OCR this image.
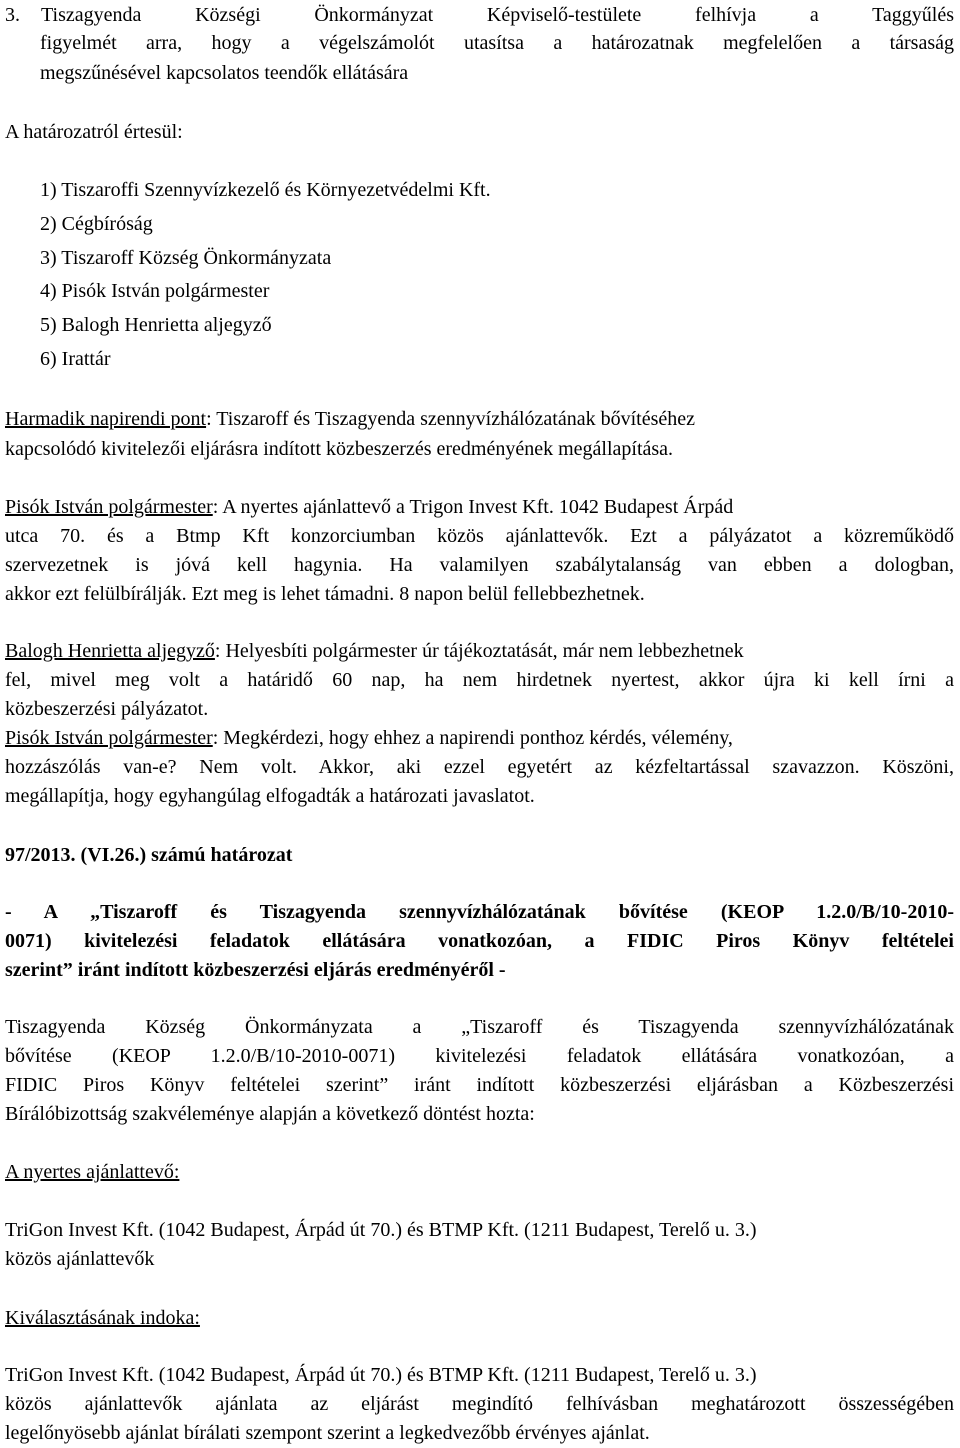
3. Tiszagyenda Községi Önkormányzat Képviselő-testülete felhívja a Taggyűlés
figyelmét arra, hogy a végelszámolót utasítsa a határozatnak megfelelően a társaság
megszűnésével kapcsolatos teendők ellátására
A határozatról értesül:
1) Tiszaroffi Szennyvízkezelő és Környezetvédelmi Kft.
2) Cégbíróság
3) Tiszaroff Község Önkormányzata
4) Pisók István polgármester
5) Balogh Henrietta aljegyző
6) Irattár
Harmadik napirendi pont: Tiszaroff és Tiszagyenda szennyvízhálózatának bővítéséhez
kapcsolódó kivitelezői eljárásra indított közbeszerzés eredményének megállapítása.
Pisók István polgármester: A nyertes ajánlattevő a Trigon Invest Kft. 1042 Budapest Árpád
utca 70. és a Btmp Kft konzorciumban közös ajánlattevők. Ezt a pályázatot a közreműködő
szervezetnek is jóvá kell hagynia. Ha valamilyen szabálytalanság van ebben a dologban,
akkor ezt felülbírálják. Ezt meg is lehet támadni. 8 napon belül fellebbezhetnek.
Balogh Henrietta aljegyző: Helyesbíti polgármester úr tájékoztatását, már nem lebbezhetnek
fel, mivel meg volt a határidő 60 nap, ha nem hirdetnek nyertest, akkor újra ki kell írni a
közbeszerzési pályázatot.
Pisók István polgármester: Megkérdezi, hogy ehhez a napirendi ponthoz kérdés, vélemény,
hozzászólás van-e? Nem volt. Akkor, aki ezzel egyetért az kézfeltartással szavazzon. Köszöni,
megállapítja, hogy egyhangúlag elfogadták a határozati javaslatot.
97/2013. (VI.26.) számú határozat
- A „Tiszaroff és Tiszagyenda szennyvízhálózatának bővítése (KEOP 1.2.0/B/10-2010-
0071) kivitelezési feladatok ellátására vonatkozóan, a FIDIC Piros Könyv feltételei
szerint” iránt indított közbeszerzési eljárás eredményéről -
Tiszagyenda Község Önkormányzata a „Tiszaroff és Tiszagyenda szennyvízhálózatának
bővítése (KEOP 1.2.0/B/10-2010-0071) kivitelezési feladatok ellátására vonatkozóan, a
FIDIC Piros Könyv feltételei szerint” iránt indított közbeszerzési eljárásban a Közbeszerzési
Bírálóbizottság szakvéleménye alapján a következő döntést hozta:
A nyertes ajánlattevő:
TriGon Invest Kft. (1042 Budapest, Árpád út 70.) és BTMP Kft. (1211 Budapest, Terelő u. 3.)
közös ajánlattevők
Kiválasztásának indoka:
TriGon Invest Kft. (1042 Budapest, Árpád út 70.) és BTMP Kft. (1211 Budapest, Terelő u. 3.)
közös ajánlattevők ajánlata az eljárást megindító felhívásban meghatározott összességében
legelőnyösebb ajánlat bírálati szempont szerint a legkedvezőbb érvényes ajánlat.
